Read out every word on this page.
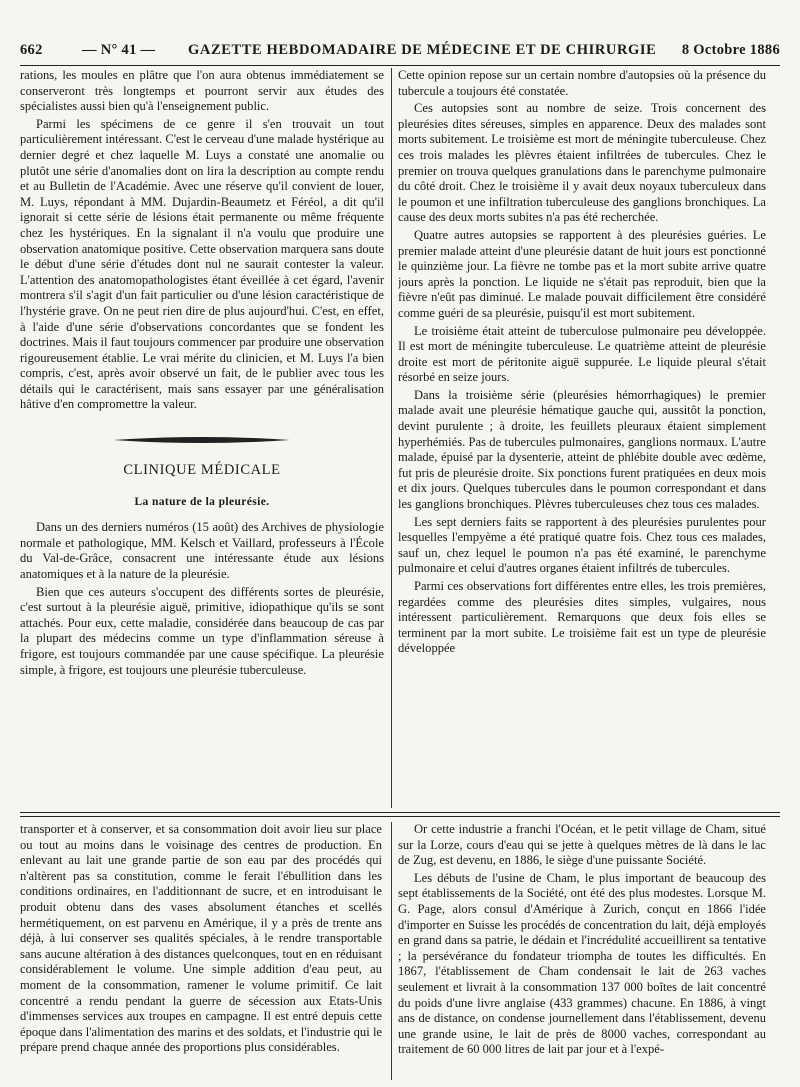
662	— N° 41 — GAZETTE HEBDOMADAIRE DE MÉDECINE ET DE CHIRURGIE 8 Octobre 1886

rations, les moules en plâtre que l'on aura obtenus immédiatement se conserveront très longtemps et pourront servir aux études des spécialistes aussi bien qu'à l'enseignement public.

Parmi les spécimens de ce genre il s'en trouvait un tout particulièrement intéressant. C'est le cerveau d'une malade hystérique au dernier degré et chez laquelle M. Luys a constaté une anomalie ou plutôt une série d'anomalies dont on lira la description au compte rendu et au Bulletin de l'Académie. Avec une réserve qu'il convient de louer, M. Luys, répondant à MM. Dujardin-Beaumetz et Féréol, a dit qu'il ignorait si cette série de lésions était permanente ou même fréquente chez les hystériques. En la signalant il n'a voulu que produire une observation anatomique positive. Cette observation marquera sans doute le début d'une série d'études dont nul ne saurait contester la valeur. L'attention des anatomopathologistes étant éveillée à cet égard, l'avenir montrera s'il s'agit d'un fait particulier ou d'une lésion caractéristique de l'hystérie grave. On ne peut rien dire de plus aujourd'hui. C'est, en effet, à l'aide d'une série d'observations concordantes que se fondent les doctrines. Mais il faut toujours commencer par produire une observation rigoureusement établie. Le vrai mérite du clinicien, et M. Luys l'a bien compris, c'est, après avoir observé un fait, de le publier avec tous les détails qui le caractérisent, mais sans essayer par une généralisation hâtive d'en compromettre la valeur.

CLINIQUE MÉDICALE
La nature de la pleurésie.

Dans un des derniers numéros (15 août) des Archives de physiologie normale et pathologique, MM. Kelsch et Vaillard, professeurs à l'École du Val-de-Grâce, consacrent une intéressante étude aux lésions anatomiques et à la nature de la pleurésie.

Bien que ces auteurs s'occupent des différents sortes de pleurésie, c'est surtout à la pleurésie aiguë, primitive, idiopathique qu'ils se sont attachés. Pour eux, cette maladie, considérée dans beaucoup de cas par la plupart des médecins comme un type d'inflammation séreuse à frigore, est toujours commandée par une cause spécifique. La pleurésie simple, à frigore, est toujours une pleurésie tuberculeuse.

Cette opinion repose sur un certain nombre d'autopsies où la présence du tubercule a toujours été constatée.

Ces autopsies sont au nombre de seize. Trois concernent des pleurésies dites séreuses, simples en apparence. Deux des malades sont morts subitement. Le troisième est mort de méningite tuberculeuse. Chez ces trois malades les plèvres étaient infiltrées de tubercules. Chez le premier on trouva quelques granulations dans le parenchyme pulmonaire du côté droit. Chez le troisième il y avait deux noyaux tuberculeux dans le poumon et une infiltration tuberculeuse des ganglions bronchiques. La cause des deux morts subites n'a pas été recherchée.

Quatre autres autopsies se rapportent à des pleurésies guéries. Le premier malade atteint d'une pleurésie datant de huit jours est ponctionné le quinzième jour. La fièvre ne tombe pas et la mort subite arrive quatre jours après la ponction. Le liquide ne s'était pas reproduit, bien que la fièvre n'eût pas diminué. Le malade pouvait difficilement être considéré comme guéri de sa pleurésie, puisqu'il est mort subitement.

Le troisième était atteint de tuberculose pulmonaire peu développée. Il est mort de méningite tuberculeuse. Le quatrième atteint de pleurésie droite est mort de péritonite aiguë suppurée. Le liquide pleural s'était résorbé en seize jours.

Dans la troisième série (pleurésies hémorrhagiques) le premier malade avait une pleurésie hématique gauche qui, aussitôt la ponction, devint purulente ; à droite, les feuillets pleuraux étaient simplement hyperhémiés. Pas de tubercules pulmonaires, ganglions normaux. L'autre malade, épuisé par la dysenterie, atteint de phlébite double avec œdème, fut pris de pleurésie droite. Six ponctions furent pratiquées en deux mois et dix jours. Quelques tubercules dans le poumon correspondant et dans les ganglions bronchiques. Plèvres tuberculeuses chez tous ces malades.

Les sept derniers faits se rapportent à des pleurésies purulentes pour lesquelles l'empyème a été pratiqué quatre fois. Chez tous ces malades, sauf un, chez lequel le poumon n'a pas été examiné, le parenchyme pulmonaire et celui d'autres organes étaient infiltrés de tubercules.

Parmi ces observations fort différentes entre elles, les trois premières, regardées comme des pleurésies dites simples, vulgaires, nous intéressent particulièrement. Remarquons que deux fois elles se terminent par la mort subite. Le troisième fait est un type de pleurésie développée

transporter et à conserver, et sa consommation doit avoir lieu sur place ou tout au moins dans le voisinage des centres de production. En enlevant au lait une grande partie de son eau par des procédés qui n'altèrent pas sa constitution, comme le ferait l'ébullition dans les conditions ordinaires, en l'additionnant de sucre, et en introduisant le produit obtenu dans des vases absolument étanches et scellés hermétiquement, on est parvenu en Amérique, il y a près de trente ans déjà, à lui conserver ses qualités spéciales, à le rendre transportable sans aucune altération à des distances quelconques, tout en en réduisant considérablement le volume. Une simple addition d'eau peut, au moment de la consommation, ramener le volume primitif. Ce lait concentré a rendu pendant la guerre de sécession aux Etats-Unis d'immenses services aux troupes en campagne. Il est entré depuis cette époque dans l'alimentation des marins et des soldats, et l'industrie qui le prépare prend chaque année des proportions plus considérables.

Or cette industrie a franchi l'Océan, et le petit village de Cham, situé sur la Lorze, cours d'eau qui se jette à quelques mètres de là dans le lac de Zug, est devenu, en 1886, le siège d'une puissante Société.

Les débuts de l'usine de Cham, le plus important de beaucoup des sept établissements de la Société, ont été des plus modestes. Lorsque M. G. Page, alors consul d'Amérique à Zurich, conçut en 1866 l'idée d'importer en Suisse les procédés de concentration du lait, déjà employés en grand dans sa patrie, le dédain et l'incrédulité accueillirent sa tentative ; la persévérance du fondateur triompha de toutes les difficultés. En 1867, l'établissement de Cham condensait le lait de 263 vaches seulement et livrait à la consommation 137 000 boîtes de lait concentré du poids d'une livre anglaise (433 grammes) chacune. En 1886, à vingt ans de distance, on condense journellement dans l'établissement, devenu une grande usine, le lait de près de 8000 vaches, correspondant au traitement de 60 000 litres de lait par jour et à l'expé-
